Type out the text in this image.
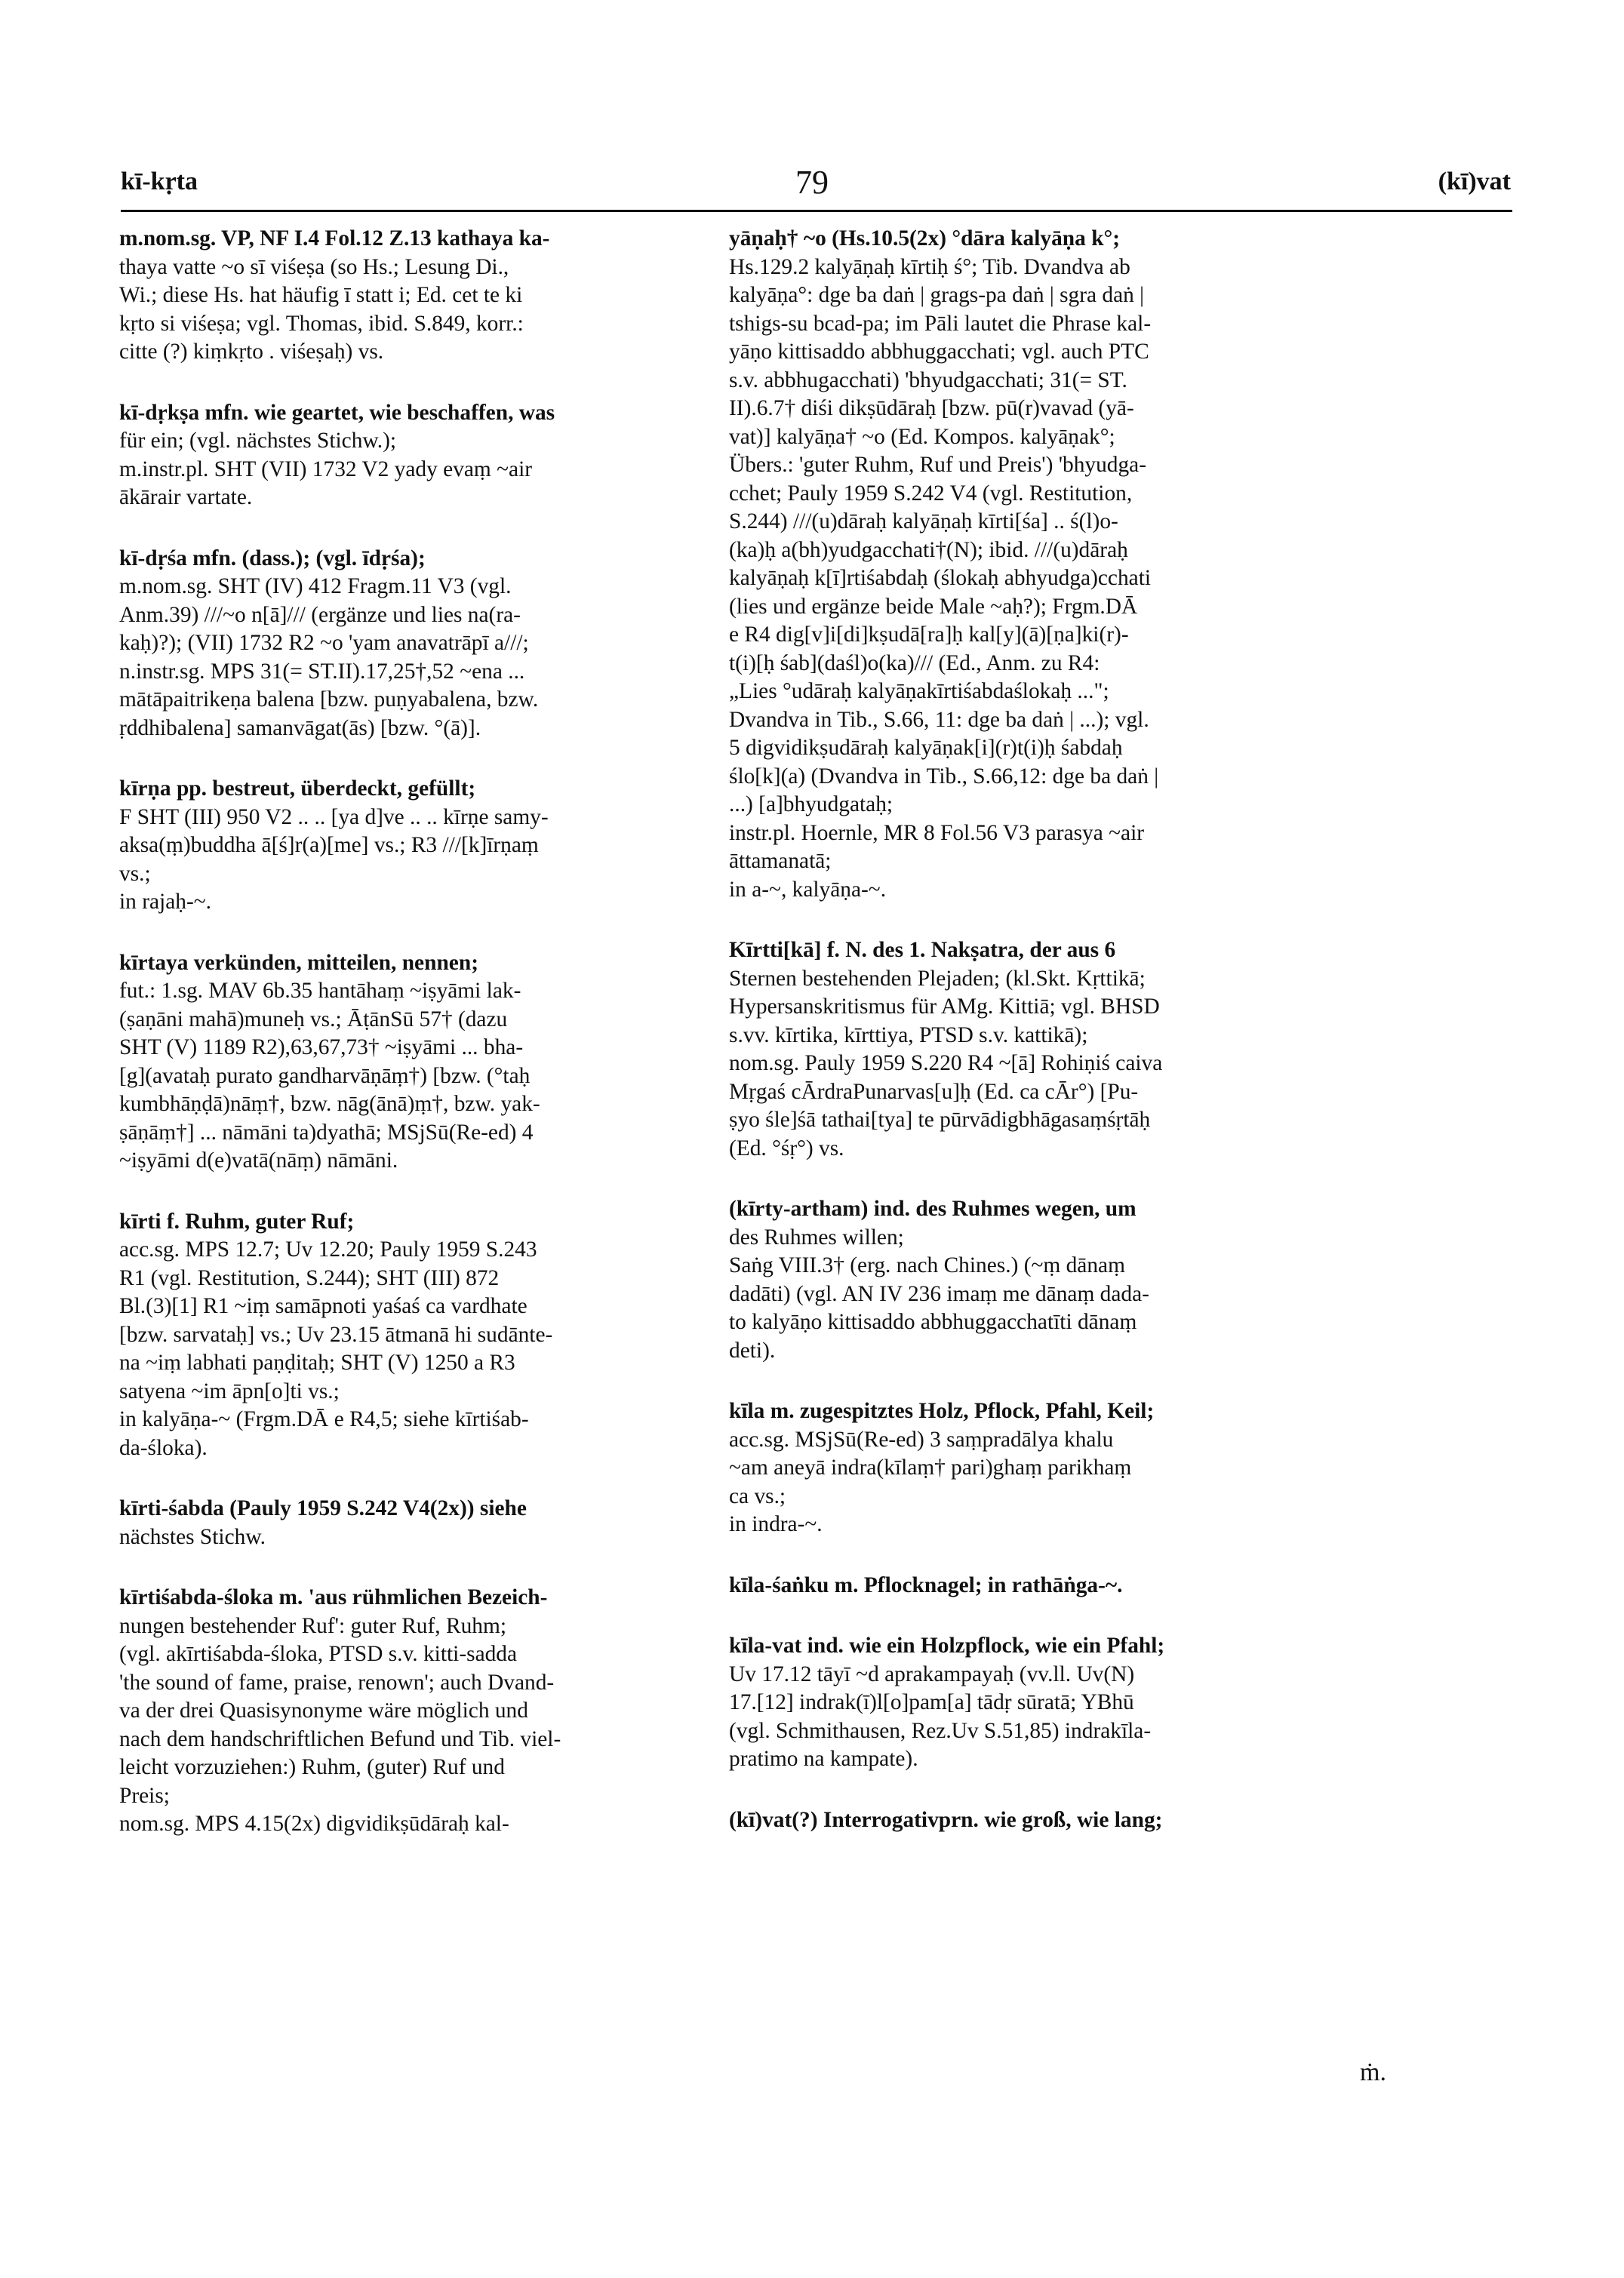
kī-kṛta	79	(kī)vat

m.nom.sg. VP, NF I.4 Fol.12 Z.13 kathaya ka-

thaya vatte ~o sī viśeṣa (so Hs.; Lesung Di.,

Wi.; diese Hs. hat häufig ī statt i; Ed. cet te ki

kṛto si viśeṣa; vgl. Thomas, ibid. S.849, korr.:

citte (?) kiṃkṛto . viśeṣaḥ) vs.

kī-dṛkṣa mfn. wie geartet, wie beschaffen, was

für ein; (vgl. nächstes Stichw.);

m.instr.pl. SHT (VII) 1732 V2 yady evaṃ ~air

ākārair vartate.

kī-dṛśa mfn. (dass.); (vgl. īdṛśa);

m.nom.sg. SHT (IV) 412 Fragm.11 V3 (vgl.

Anm.39) ///~o n[ā]/// (ergänze und lies na(ra-

kaḥ)?); (VII) 1732 R2 ~o 'yam anavatrāpī a///;

n.instr.sg. MPS 31(= ST.II).17,25†,52 ~ena ...

mātāpaitrikeṇa balena [bzw. puṇyabalena, bzw.

ṛddhibalena] samanvāgat(ās) [bzw. °(ā)].

kīrṇa pp. bestreut, überdeckt, gefüllt;

F SHT (III) 950 V2 .. .. [ya d]ve .. .. kīrṇe samy-

aksa(ṃ)buddha ā[ś]r(a)[me] vs.; R3 ///[k]īrṇaṃ

vs.;

in rajaḥ-~.

kīrtaya verkünden, mitteilen, nennen;

fut.: 1.sg. MAV 6b.35 hantāhaṃ ~iṣyāmi lak-

(ṣaṇāni mahā)muneḥ vs.; ĀṭānSū 57† (dazu

SHT (V) 1189 R2),63,67,73† ~iṣyāmi ... bha-

[g](avataḥ purato gandharvāṇāṃ†) [bzw. (°taḥ

kumbhāṇḍā)nāṃ†, bzw. nāg(ānā)ṃ†, bzw. yak-

ṣāṇāṃ†] ... nāmāni ta)dyathā; MSjSū(Re-ed) 4

~iṣyāmi d(e)vatā(nāṃ) nāmāni.

kīrti f. Ruhm, guter Ruf;

acc.sg. MPS 12.7; Uv 12.20; Pauly 1959 S.243

R1 (vgl. Restitution, S.244); SHT (III) 872

Bl.(3)[1] R1 ~iṃ samāpnoti yaśaś ca vardhate

[bzw. sarvataḥ] vs.; Uv 23.15 ātmanā hi sudānte-

na ~iṃ labhati paṇḍitaḥ; SHT (V) 1250 a R3

satyena ~im āpn[o]ti vs.;

in kalyāṇa-~ (Frgm.DĀ e R4,5; siehe kīrtiśab-

da-śloka).

kīrti-śabda (Pauly 1959 S.242 V4(2x)) siehe

nächstes Stichw.

kīrtiśabda-śloka m. 'aus rühmlichen Bezeich-

nungen bestehender Ruf': guter Ruf, Ruhm;

(vgl. akīrtiśabda-śloka, PTSD s.v. kitti-sadda

'the sound of fame, praise, renown'; auch Dvand-

va der drei Quasisynonyme wäre möglich und

nach dem handschriftlichen Befund und Tib. viel-

leicht vorzuziehen:) Ruhm, (guter) Ruf und

Preis;

nom.sg. MPS 4.15(2x) digvidikṣūdāraḥ kal-

yāṇaḥ† ~o (Hs.10.5(2x) °dāra kalyāṇa k°;

Hs.129.2 kalyāṇaḥ kīrtiḥ ś°; Tib. Dvandva ab

kalyāṇa°: dge ba daṅ | grags-pa daṅ | sgra daṅ |

tshigs-su bcad-pa; im Pāli lautet die Phrase kal-

yāṇo kittisaddo abbhuggacchati; vgl. auch PTC

s.v. abbhugacchati) 'bhyudgacchati; 31(= ST.

II).6.7† diśi dikṣūdāraḥ [bzw. pū(r)vavad (yā-

vat)] kalyāṇa† ~o (Ed. Kompos. kalyāṇak°;

Übers.: 'guter Ruhm, Ruf und Preis') 'bhyudga-

cchet; Pauly 1959 S.242 V4 (vgl. Restitution,

S.244) ///(u)dāraḥ kalyāṇaḥ kīrti[śa] .. ś(l)o-

(ka)ḥ a(bh)yudgacchati†(N); ibid. ///(u)dāraḥ

kalyāṇaḥ k[ī]rtiśabdaḥ (ślokaḥ abhyudga)cchati

(lies und ergänze beide Male ~aḥ?); Frgm.DĀ

e R4 dig[v]i[di]kṣudā[ra]ḥ kal[y](ā)[ṇa]ki(r)-

t(i)[ḥ śab](daśl)o(ka)/// (Ed., Anm. zu R4:

„Lies °udāraḥ kalyāṇakīrtiśabdaślokaḥ ...";

Dvandva in Tib., S.66, 11: dge ba daṅ | ...); vgl.

5 digvidikṣudāraḥ kalyāṇak[i](r)t(i)ḥ śabdaḥ

ślo[k](a) (Dvandva in Tib., S.66,12: dge ba daṅ |

...) [a]bhyudgataḥ;

instr.pl. Hoernle, MR 8 Fol.56 V3 parasya ~air

āttamanatā;

in a-~, kalyāṇa-~.

Kīrtti[kā] f. N. des 1. Nakṣatra, der aus 6

Sternen bestehenden Plejaden; (kl.Skt. Kṛttikā;

Hypersanskritismus für AMg. Kittiā; vgl. BHSD

s.vv. kīrtika, kīrttiya, PTSD s.v. kattikā);

nom.sg. Pauly 1959 S.220 R4 ~[ā] Rohiṇiś caiva

Mṛgaś cĀrdraPunarvas[u]ḥ (Ed. ca cĀr°) [Pu-

ṣyo śle]śā tathai[tya] te pūrvādigbhāgasaṃśṛtāḥ

(Ed. °śṛ°) vs.

(kīrty-artham) ind. des Ruhmes wegen, um

des Ruhmes willen;

Saṅg VIII.3† (erg. nach Chines.) (~ṃ dānaṃ

dadāti) (vgl. AN IV 236 imaṃ me dānaṃ dada-

to kalyāṇo kittisaddo abbhuggacchatīti dānaṃ

deti).

kīla m. zugespitztes Holz, Pflock, Pfahl, Keil;

acc.sg. MSjSū(Re-ed) 3 saṃpradālya khalu

~am aneyā indra(kīlaṃ† pari)ghaṃ parikhaṃ

ca vs.;

in indra-~.

kīla-śaṅku m. Pflocknagel; in rathāṅga-~.

kīla-vat ind. wie ein Holzpflock, wie ein Pfahl;

Uv 17.12 tāyī ~d aprakampayaḥ (vv.ll. Uv(N)

17.[12] indrak(ī)l[o]pam[a] tādṛ sūratā; YBhū

(vgl. Schmithausen, Rez.Uv S.51,85) indrakīla-

pratimo na kampate).

(kī)vat(?) Interrogativprn. wie groß, wie lang;

ṁ.
